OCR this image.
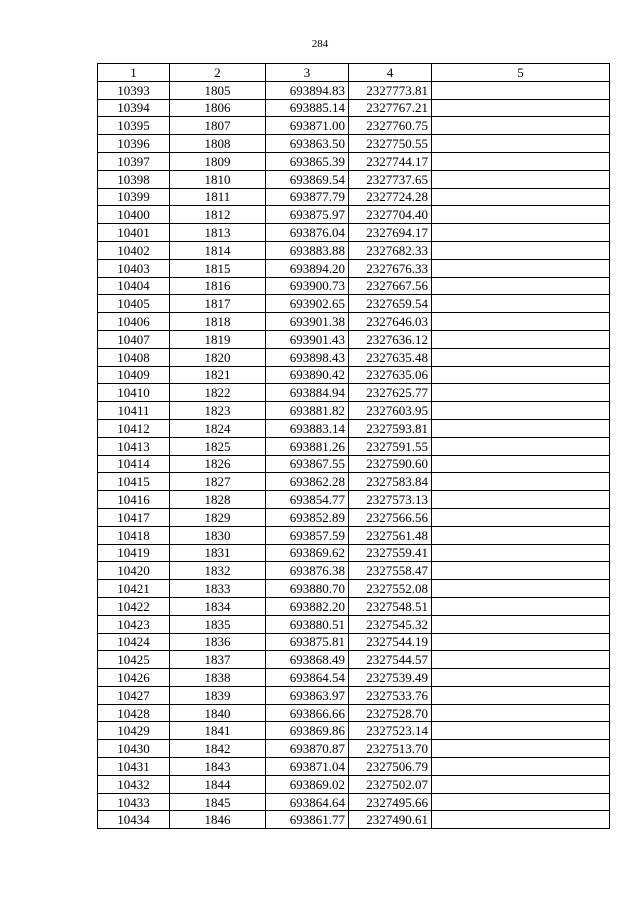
284
1	2	3	4	5
10393	1805	693894.83	2327773.81	
10394	1806	693885.14	2327767.21	
10395	1807	693871.00	2327760.75	
10396	1808	693863.50	2327750.55	
10397	1809	693865.39	2327744.17	
10398	1810	693869.54	2327737.65	
10399	1811	693877.79	2327724.28	
10400	1812	693875.97	2327704.40	
10401	1813	693876.04	2327694.17	
10402	1814	693883.88	2327682.33	
10403	1815	693894.20	2327676.33	
10404	1816	693900.73	2327667.56	
10405	1817	693902.65	2327659.54	
10406	1818	693901.38	2327646.03	
10407	1819	693901.43	2327636.12	
10408	1820	693898.43	2327635.48	
10409	1821	693890.42	2327635.06	
10410	1822	693884.94	2327625.77	
10411	1823	693881.82	2327603.95	
10412	1824	693883.14	2327593.81	
10413	1825	693881.26	2327591.55	
10414	1826	693867.55	2327590.60	
10415	1827	693862.28	2327583.84	
10416	1828	693854.77	2327573.13	
10417	1829	693852.89	2327566.56	
10418	1830	693857.59	2327561.48	
10419	1831	693869.62	2327559.41	
10420	1832	693876.38	2327558.47	
10421	1833	693880.70	2327552.08	
10422	1834	693882.20	2327548.51	
10423	1835	693880.51	2327545.32	
10424	1836	693875.81	2327544.19	
10425	1837	693868.49	2327544.57	
10426	1838	693864.54	2327539.49	
10427	1839	693863.97	2327533.76	
10428	1840	693866.66	2327528.70	
10429	1841	693869.86	2327523.14	
10430	1842	693870.87	2327513.70	
10431	1843	693871.04	2327506.79	
10432	1844	693869.02	2327502.07	
10433	1845	693864.64	2327495.66	
10434	1846	693861.77	2327490.61	
